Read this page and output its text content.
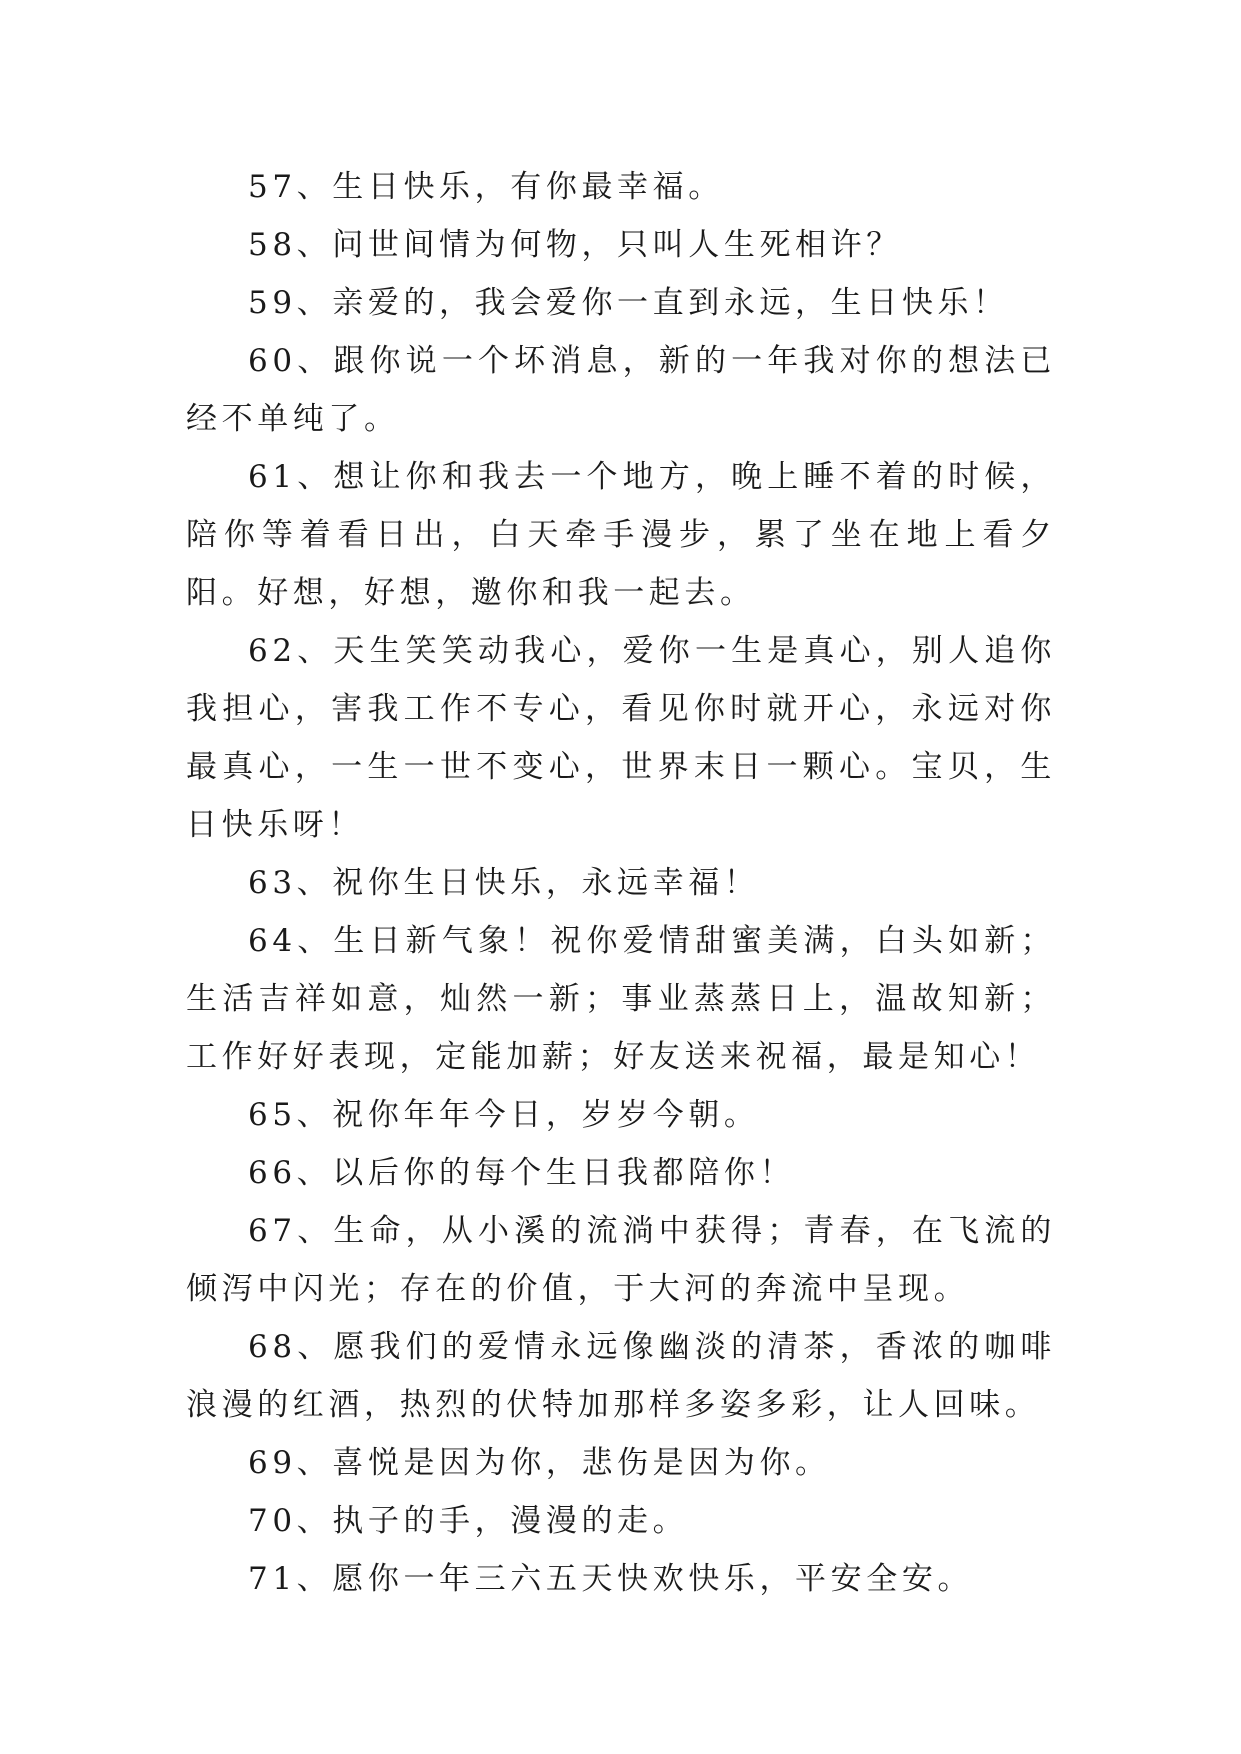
57、生日快乐，有你最幸福。

58、问世间情为何物，只叫人生死相许？

59、亲爱的，我会爱你一直到永远，生日快乐！

60、跟你说一个坏消息，新的一年我对你的想法已经不单纯了。

61、想让你和我去一个地方，晚上睡不着的时候，陪你等着看日出，白天牵手漫步，累了坐在地上看夕阳。好想，好想，邀你和我一起去。

62、天生笑笑动我心，爱你一生是真心，别人追你我担心，害我工作不专心，看见你时就开心，永远对你最真心，一生一世不变心，世界末日一颗心。宝贝，生日快乐呀！

63、祝你生日快乐，永远幸福！

64、生日新气象！祝你爱情甜蜜美满，白头如新；生活吉祥如意，灿然一新；事业蒸蒸日上，温故知新；工作好好表现，定能加薪；好友送来祝福，最是知心！

65、祝你年年今日，岁岁今朝。

66、以后你的每个生日我都陪你！

67、生命，从小溪的流淌中获得；青春，在飞流的倾泻中闪光；存在的价值，于大河的奔流中呈现。

68、愿我们的爱情永远像幽淡的清茶，香浓的咖啡浪漫的红酒，热烈的伏特加那样多姿多彩，让人回味。

69、喜悦是因为你，悲伤是因为你。

70、执子的手，漫漫的走。

71、愿你一年三六五天快欢快乐，平安全安。
